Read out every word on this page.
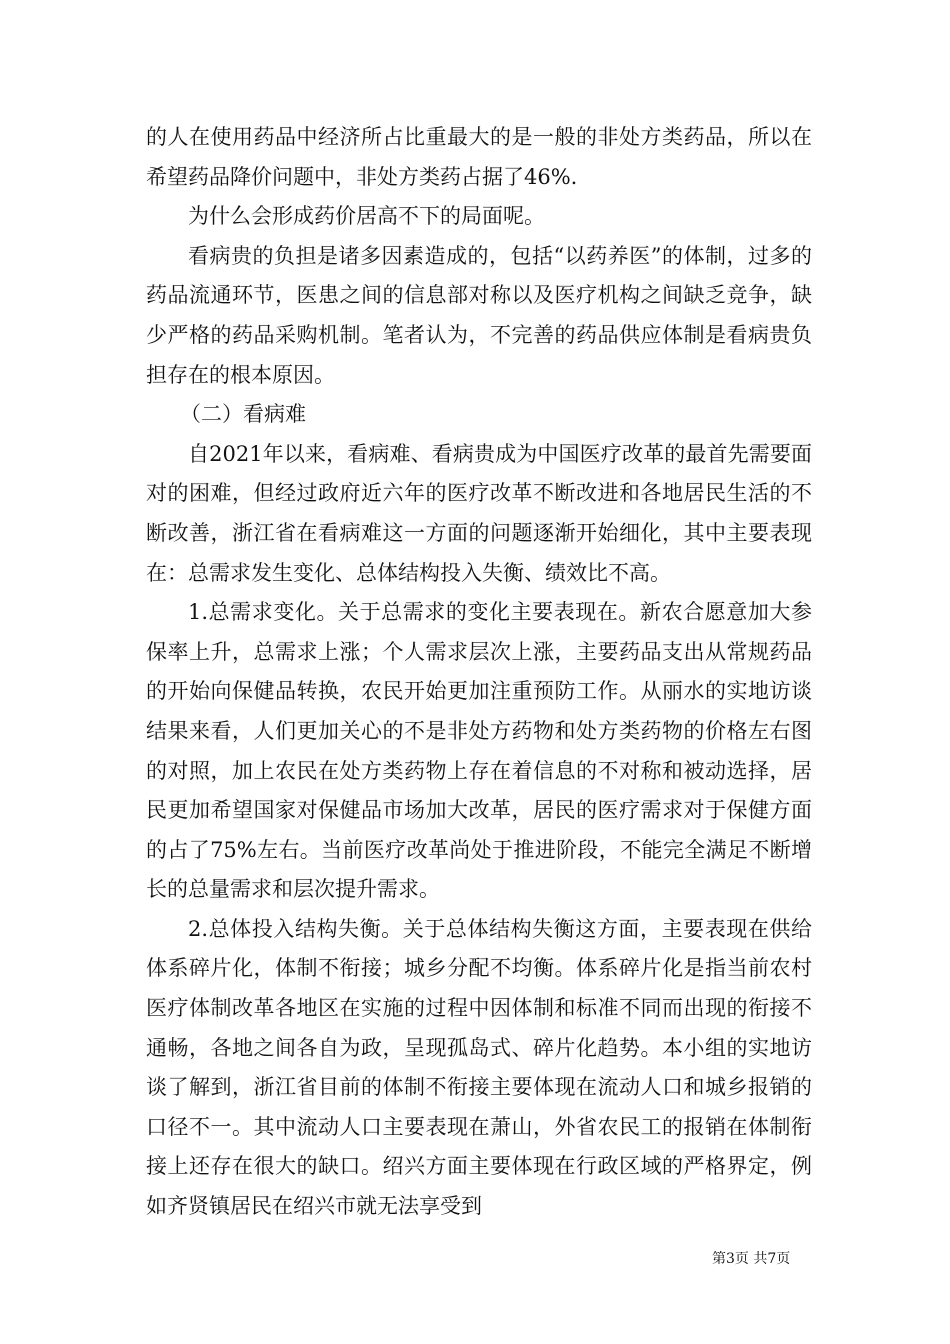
的人在使用药品中经济所占比重最大的是一般的非处方类药品，所以在希望药品降价问题中，非处方类药占据了46%.

为什么会形成药价居高不下的局面呢。

看病贵的负担是诸多因素造成的，包括“以药养医”的体制，过多的药品流通环节，医患之间的信息部对称以及医疗机构之间缺乏竞争，缺少严格的药品采购机制。笔者认为，不完善的药品供应体制是看病贵负担存在的根本原因。

（二）看病难

自2021年以来，看病难、看病贵成为中国医疗改革的最首先需要面对的困难，但经过政府近六年的医疗改革不断改进和各地居民生活的不断改善，浙江省在看病难这一方面的问题逐渐开始细化，其中主要表现在：总需求发生变化、总体结构投入失衡、绩效比不高。

1.总需求变化。关于总需求的变化主要表现在。新农合愿意加大参保率上升，总需求上涨；个人需求层次上涨，主要药品支出从常规药品的开始向保健品转换，农民开始更加注重预防工作。从丽水的实地访谈结果来看，人们更加关心的不是非处方药物和处方类药物的价格左右图的对照，加上农民在处方类药物上存在着信息的不对称和被动选择，居民更加希望国家对保健品市场加大改革，居民的医疗需求对于保健方面的占了75%左右。当前医疗改革尚处于推进阶段，不能完全满足不断增长的总量需求和层次提升需求。

2.总体投入结构失衡。关于总体结构失衡这方面，主要表现在供给体系碎片化，体制不衔接；城乡分配不均衡。体系碎片化是指当前农村医疗体制改革各地区在实施的过程中因体制和标准不同而出现的衔接不通畅，各地之间各自为政，呈现孤岛式、碎片化趋势。本小组的实地访谈了解到，浙江省目前的体制不衔接主要体现在流动人口和城乡报销的口径不一。其中流动人口主要表现在萧山，外省农民工的报销在体制衔接上还存在很大的缺口。绍兴方面主要体现在行政区域的严格界定，例如齐贤镇居民在绍兴市就无法享受到

第3页 共7页
